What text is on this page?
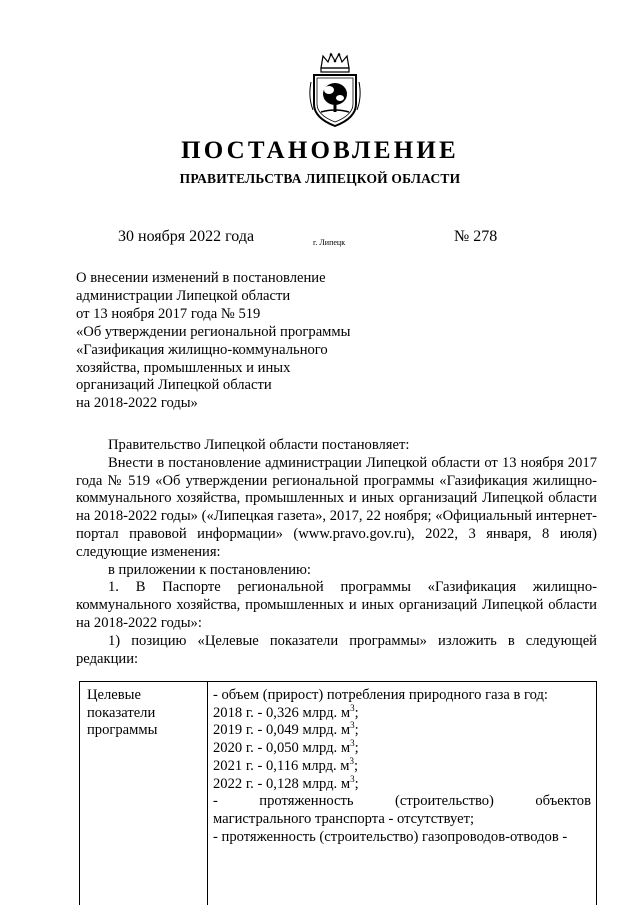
ПОСТАНОВЛЕНИЕ
ПРАВИТЕЛЬСТВА ЛИПЕЦКОЙ ОБЛАСТИ
30 ноября 2022 года	г. Липецк	№ 278
О внесении изменений в постановление
администрации Липецкой области
от 13 ноября 2017 года № 519
«Об утверждении региональной программы
«Газификация жилищно-коммунального
хозяйства, промышленных и иных
организаций Липецкой области
на 2018-2022 годы»

Правительство Липецкой области постановляет:

Внести в постановление администрации Липецкой области от 13 ноября 2017 года № 519 «Об утверждении региональной программы «Газификация жилищно-коммунального хозяйства, промышленных и иных организаций Липецкой области на 2018-2022 годы» («Липецкая газета», 2017, 22 ноября; «Официальный интернет-портал правовой информации» (www.pravo.gov.ru), 2022, 3 января, 8 июля) следующие изменения:

в приложении к постановлению:

1. В Паспорте региональной программы «Газификация жилищно-коммунального хозяйства, промышленных и иных организаций Липецкой области на 2018-2022 годы»:

1) позицию «Целевые показатели программы» изложить в следующей редакции:

Целевые
показатели
программы
- объем (прирост) потребления природного газа в год:
2018 г. - 0,326 млрд. $м^3$;
2019 г. - 0,049 млрд. $м^3$;
2020 г. - 0,050 млрд. $м^3$;
2021 г. - 0,116 млрд. $м^3$;
2022 г. - 0,128 млрд. $м^3$;
- протяженность (строительство) объектов
магистрального транспорта - отсутствует;
- протяженность (строительство) газопроводов-отводов -
